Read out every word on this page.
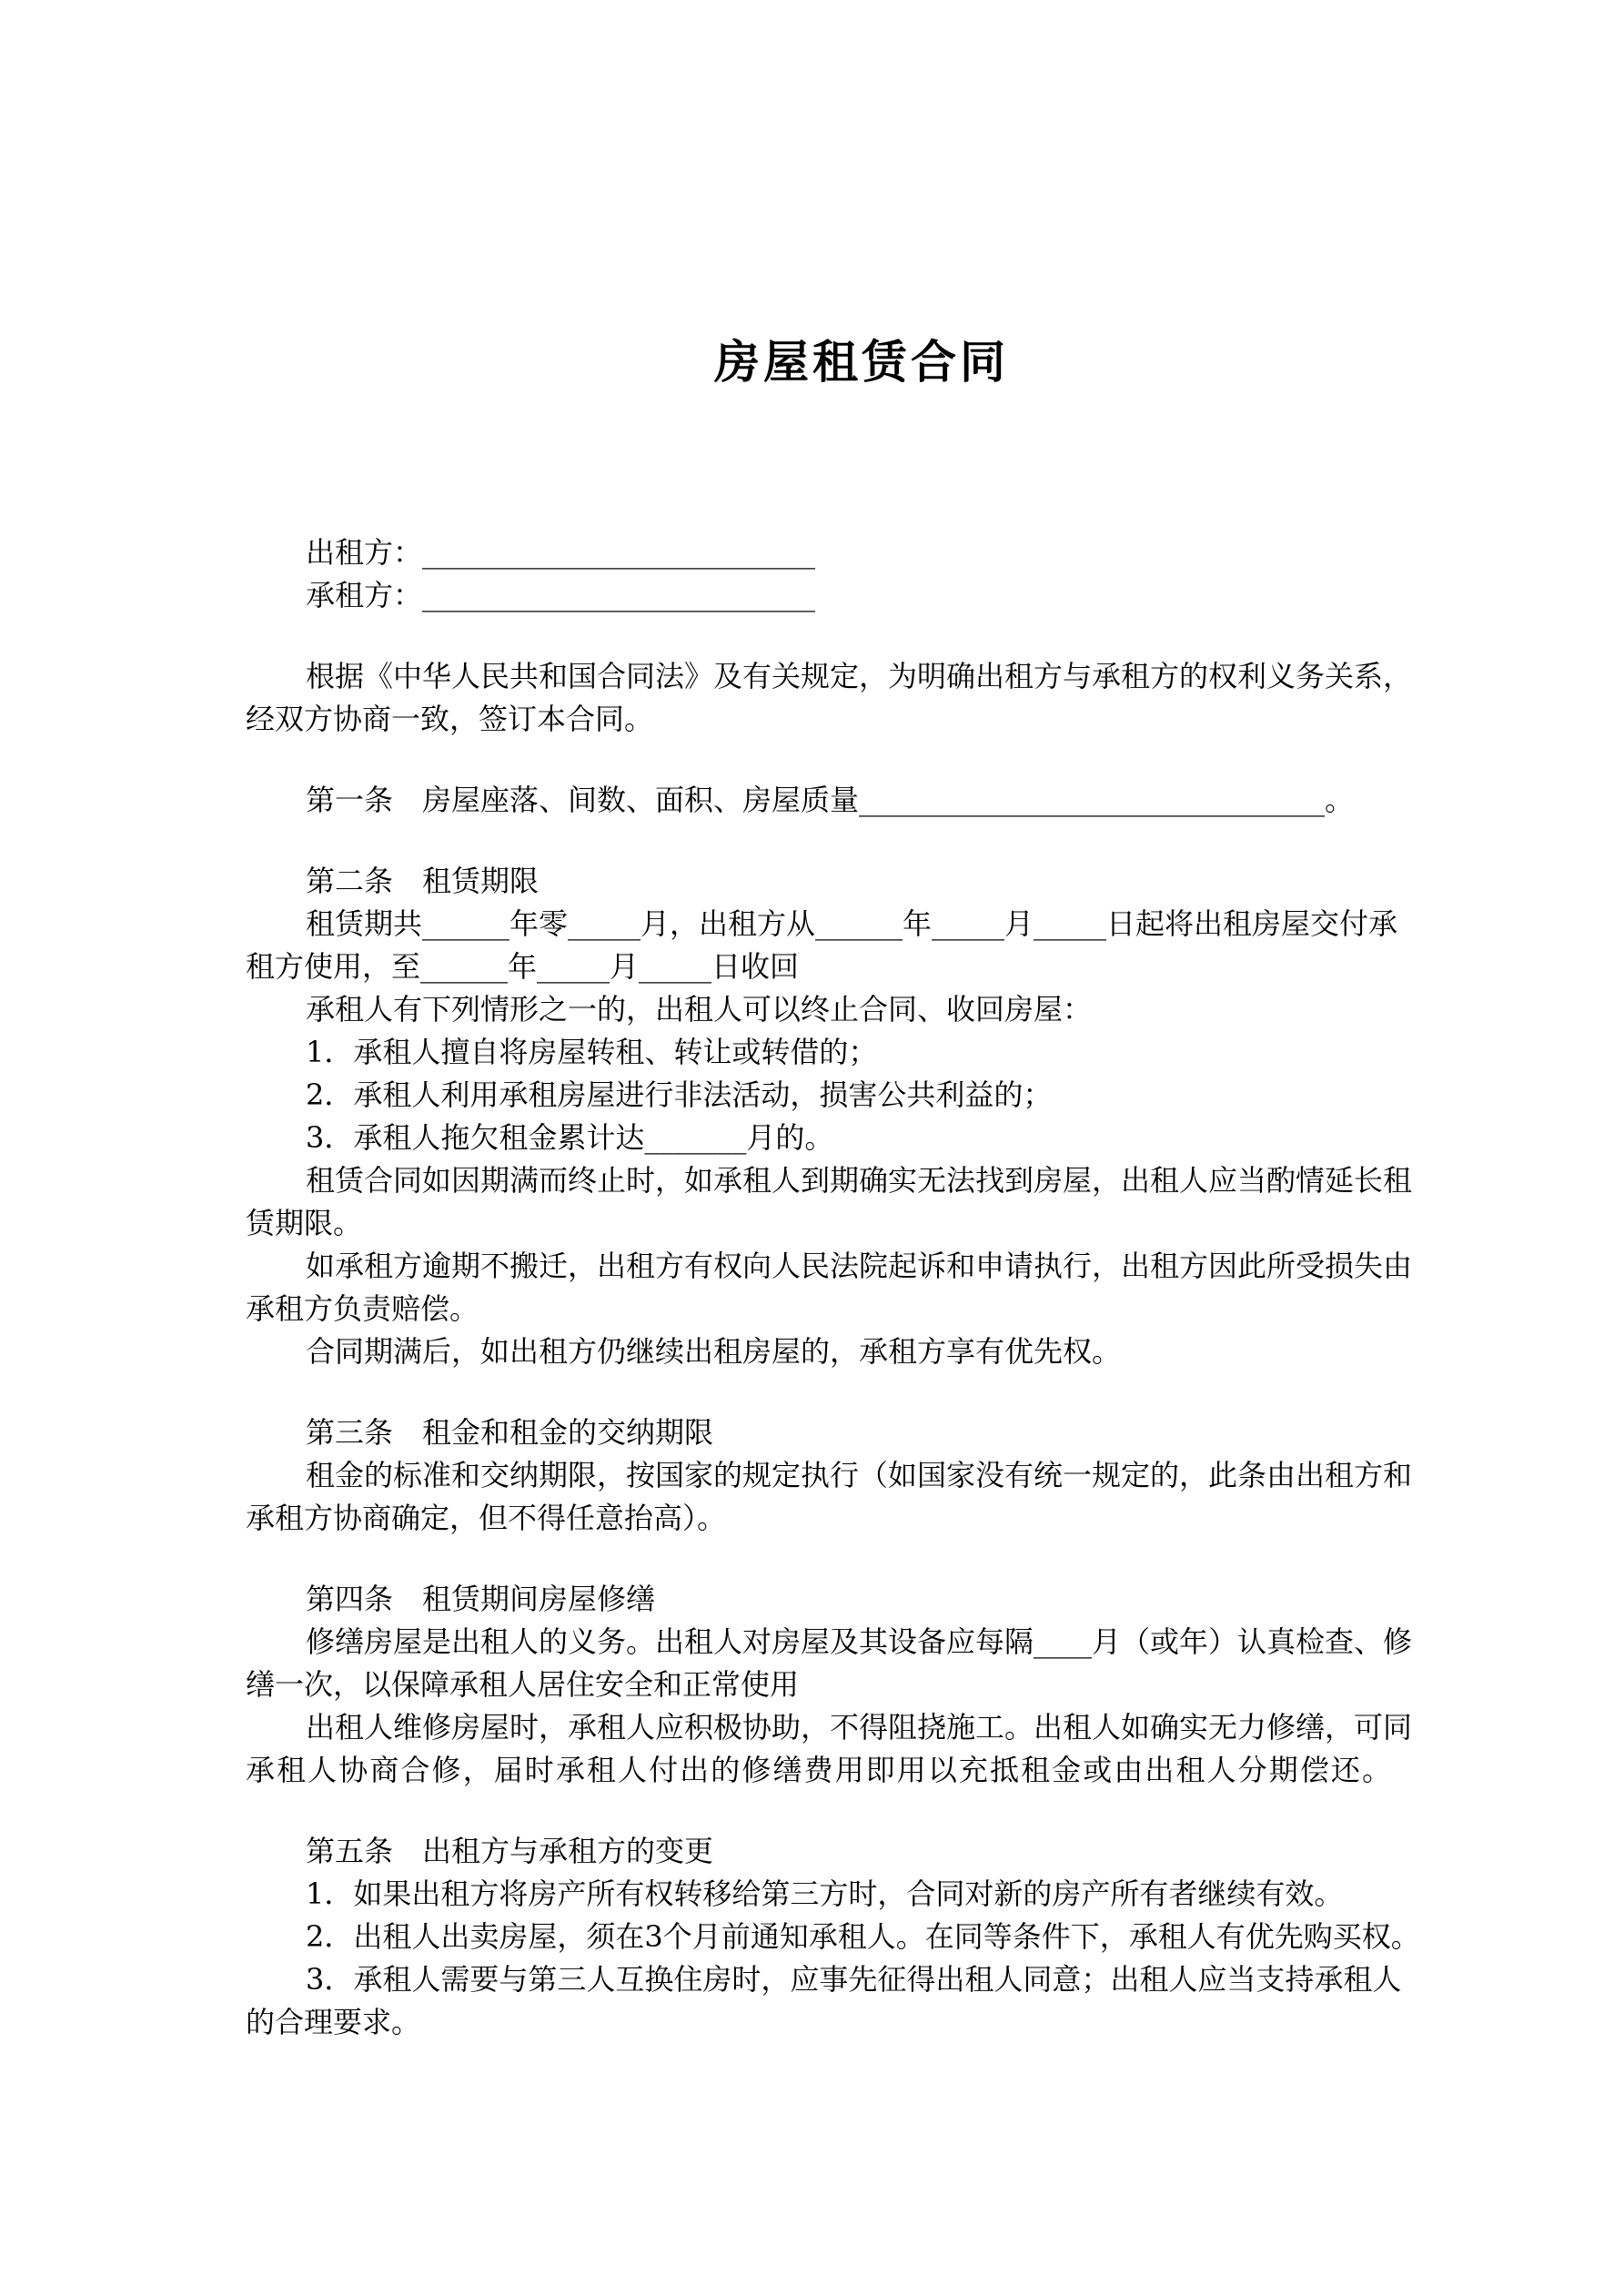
房屋租赁合同
出租方：___________________________
承租方：___________________________
根据《中华人民共和国合同法》及有关规定，为明确出租方与承租方的权利义务关系，
经双方协商一致，签订本合同。
第一条　房屋座落、间数、面积、房屋质量________________________________。
第二条　租赁期限
租赁期共______年零_____月，出租方从______年_____月_____日起将出租房屋交付承
租方使用，至______年_____月_____日收回
承租人有下列情形之一的，出租人可以终止合同、收回房屋：
1．承租人擅自将房屋转租、转让或转借的；
2．承租人利用承租房屋进行非法活动，损害公共利益的；
3．承租人拖欠租金累计达_______月的。
租赁合同如因期满而终止时，如承租人到期确实无法找到房屋，出租人应当酌情延长租
赁期限。
如承租方逾期不搬迁，出租方有权向人民法院起诉和申请执行，出租方因此所受损失由
承租方负责赔偿。
合同期满后，如出租方仍继续出租房屋的，承租方享有优先权。
第三条　租金和租金的交纳期限
租金的标准和交纳期限，按国家的规定执行（如国家没有统一规定的，此条由出租方和
承租方协商确定，但不得任意抬高）。
第四条　租赁期间房屋修缮
修缮房屋是出租人的义务。出租人对房屋及其设备应每隔____月（或年）认真检查、修
缮一次，以保障承租人居住安全和正常使用
出租人维修房屋时，承租人应积极协助，不得阻挠施工。出租人如确实无力修缮，可同
承租人协商合修，届时承租人付出的修缮费用即用以充抵租金或由出租人分期偿还。
第五条　出租方与承租方的变更
1．如果出租方将房产所有权转移给第三方时，合同对新的房产所有者继续有效。
2．出租人出卖房屋，须在3个月前通知承租人。在同等条件下，承租人有优先购买权。
3．承租人需要与第三人互换住房时，应事先征得出租人同意；出租人应当支持承租人
的合理要求。
